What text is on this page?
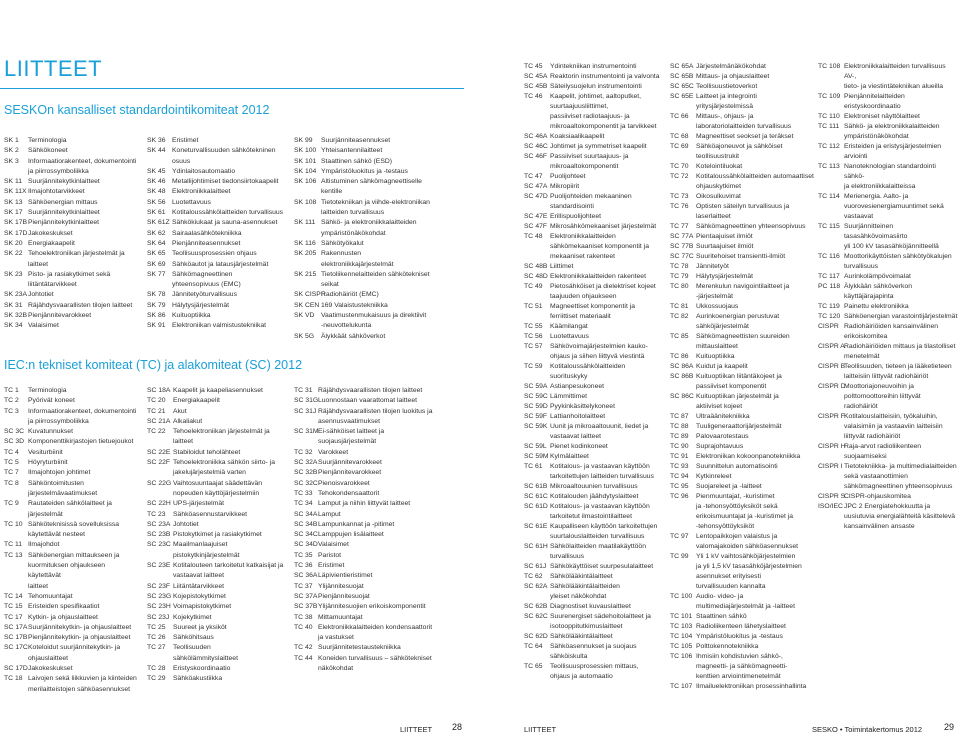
LIITTEET
SESKOn kansalliset standardointikomiteat 2012
IEC:n tekniset komiteat (TC) ja alakomiteat (SC) 2012
SK 1	Terminologia
SK 2	Sähkökoneet
SK 3	Informaatiorakenteet, dokumentointi
ja piirrossymboliikka
SK 11 Suurjännitekytkinlaitteet
SK 11X Ilmajohtotarvikkeet
SK 13 Sähköenergian mittaus
SK 17 Suurjännitekytkinlaitteet
SK 17B Pienjännitekytkinlaitteet
SK 17D Jakokeskukset
SK 20 Energiakaapelit
SK 22 Tehoelektroniikan järjestelmät ja
laitteet
SK 23 Pisto- ja rasiakytkimet sekä
liitäntätarvikkeet
SK 23A Johtotiet
SK 31 Räjähdysvaarallisten tilojen laitteet
SK 32B Pienjännitevarokkeet
SK 34 Valaisimet
SK 36 Eristimet
SK 44 Koneturvallisuuden sähkötekninen
osuus
SK 45 Ydinlaitosautomaatio
SK 46 Metallijohtimiset tiedonsiirtokaapelit
SK 48 Elektroniikkalaitteet
SK 56 Luotettavuus
SK 61 Kotitaloussähkölaitteiden turvallisuus
SK 61Z Sähkökiukaat ja sauna-asennukset
SK 62 Sairaalasähkötekniikka
SK 64 Pienjänniteasennukset
SK 65 Teollisuusprosessien ohjaus
SK 69 Sähköautot ja latausjärjestelmät
SK 77 Sähkömagneettinen
yhteensopivuus (EMC)
SK 78 Jännitetyöturvallisuus
SK 79 Hälytysjärjestelmät
SK 86 Kuituoptiikka
SK 91 Elektroniikan valmistustekniikat
SK 99	Suurjänniteasennukset
SK 100 Yhteisantennilaitteet
SK 101 Staattinen sähkö (ESD)
SK 104 Ympäristöluokitus ja -testaus
SK 106 Altistuminen sähkömagneettiselle
kentille
SK 108 Tietotekniikan ja viihde-elektroniikan
laitteiden turvallisuus
SK 111 Sähkö- ja elektroniikkalaitteiden
ympäristönäkökohdat
SK 116 Sähkötyökalut
SK 205 Rakennusten elektroniikkajärjestelmät
SK 215 Tietoliikennelaitteiden sähkötekniset
seikat
SK CISPR
Radiohäiriöt (EMC)
SK CEN 169 Valaistustekniikka
SK VD Vaatimustenmukaisuus ja direktiivit
-neuvottelukunta
SK 5G	Älykkäät sähköverkot
TC 1	Terminologia
TC 2	Pyörivät koneet
TC 3	Informaatiorakenteet, dokumentointi
ja piirrossymboliikka
SC 3C Kuvatunnukset
SC 3D Komponenttikirjastojen tietuejoukot
TC 4	Vesiturbiinit
TC 5	Höyryturbiinit
TC 7	Ilmajohtojen johtimet
TC 8	Sähköntoimitusten
järjestelmävaatimukset
TC 9	Rautateiden sähkölaitteet ja
järjestelmät
TC 10 Sähköteknisissä sovelluksissa
käytettävät nesteet
TC 11 Ilmajohdot
TC 13 Sähköenergian mittaukseen ja
kuormituksen ohjaukseen käytettävät
laitteet
TC 14 Tehomuuntajat
TC 15 Eristeiden spesifikaatiot
TC 17 Kytkin- ja ohjauslaitteet
SC 17A Suurjännitekytkin- ja ohjauslaitteet
SC 17B Pienjännitekytkin- ja ohjauslaitteet
SC 17C Koteloidut suurjännitekytkin- ja
ohjauslaitteet
SC 17D Jakokeskukset
TC 18 Laivojen sekä liikkuvien ja kiinteiden
merilaitteistojen sähköasennukset
SC 18A Kaapelit ja kaapeliasennukset
TC 20	Energiakaapelit
TC 21	Akut
SC 21A Alkaliakut
TC 22	Tehoelektroniikan järjestelmät ja
laitteet
SC 22E Stabiloidut teholähteet
SC 22F Tehoelektroniikka sähkön siirto- ja
jakelujärjestelmiä varten
SC 22G Vaihtosuuntaajat säädettävän
nopeuden käyttöjärjestelmiin
SC 22H UPS-järjestelmät
TC 23	Sähköasennustarvikkeet
SC 23A Johtotiet
SC 23B Pistokytkimet ja rasiakytkimet
SC 23C Maailmanlaajuiset
pistokytkinjärjestelmät
SC 23E Kotitalouteen tarkoitetut katkaisijat ja
vastaavat laitteet
SC 23F Liitäntätarvikkeet
SC 23G Kojepistokytkimet
SC 23H Voimapistokytkimet
SC 23J Kojekytkimet
TC 25	Suureet ja yksiköt
TC 26	Sähköhitsaus
TC 27	Teollisuuden
sähkölämmityslaitteet
TC 28	Eristyskoordinaatio
TC 29	Sähköakustiikka
TC 31 Räjähdysvaarallisten tilojen laitteet
SC 31G Luonnostaan vaarattomat laitteet
SC 31J Räjähdysvaarallisten tilojen luokitus ja
asennusvaatimukset
SC 31M Ei-sähköiset laitteet ja
suojausjärjestelmät
TC 32 Varokkeet
SC 32A Suurjännitevarokkeet
SC 32B Pienjännitevarokkeet
SC 32C Pienoisvarokkeet
TC 33 Tehokondensaattorit
TC 34 Lamput ja niihin liittyvät laitteet
SC 34A Lamput
SC 34B Lampunkannat ja -pitimet
SC 34C Lamppujen lisälaitteet
SC 34D Valaisimet
TC 35 Paristot
TC 36 Eristimet
SC 36A Läpivientieristimet
TC 37 Ylijännitesuojat
SC 37A Pienjännitesuojat
SC 37B Ylijännitesuojien erikoiskomponentit
TC 38 Mittamuuntajat
TC 40 Elektroniikkalaitteiden kondensaattorit
ja vastukset
TC 42 Suurjännitetestaustekniikka
TC 44 Koneiden turvallisuus – sähkötekniset
näkökohdat
TC 45	Ydintekniikan instrumentointi
SC 45A Reaktorin instrumentointi ja valvonta
SC 45B Säteilysuojelun instrumentointi
TC 46	Kaapelit, johtimet, aaltoputket,
suurtaajuusliittimet,
passiiviset radiotaajuus- ja
mikroaaltokomponentit ja tarvikkeet
SC 46A Koaksiaalikaapelit
SC 46C Johtimet ja symmetriset kaapelit
SC 46F Passiiviset suurtaajuus- ja
mikroaaltokomponentit
TC 47	Puolijohteet
SC 47A Mikropiirit
SC 47D Puolijohteiden mekaaninen
standardisointi
SC 47E Erillispuolijohteet
SC 47F Mikrosähkömekaaniset järjestelmät
TC 48	Elektroniikkalaitteiden
sähkömekaaniset komponentit ja
mekaaniset rakenteet
SC 48B Liittimet
SC 48D Elektroniikkalaitteiden rakenteet
TC 49	Pietosähköiset ja dielektriset kojeet
taajuuden ohjaukseen
TC 51	Magneettiset komponentit ja
ferriittiset materiaalit
TC 55	Käämilangat
TC 56	Luotettavuus
TC 57	Sähkövoimajärjestelmien kauko-
ohjaus ja siihen liittyvä viestintä
TC 59	Kotitaloussähkölaitteiden suorituskyky
SC 59A Astianpesukoneet
SC 59C Lämmittimet
SC 59D Pyykinkäsittelykoneet
SC 59F Lattianhoitolaitteet
SC 59K Uunit ja mikroaaltouunit, liedet ja
vastaavat laitteet
SC 59L Pienet kodinkoneet
SC 59M Kylmälaitteet
TC 61	Kotitalous- ja vastaavan käyttöön
tarkoitettujen laitteiden turvallisuus
SC 61B Mikroaaltouunien turvallisuus
SC 61C Kotitalouden jäähdytyslaitteet
SC 61D Kotitalous- ja vastaavan käyttöön
tarkoitetut ilmastointilaitteet
SC 61E Kaupalliseen käyttöön tarkoitettujen
suurtalouslaitteiden turvallisuus
SC 61H Sähkölaitteiden maatilakäyttöön
turvallisuus
SC 61J Sähkökäyttöiset suurpesulalaitteet
TC 62	Sähkölääkintälaitteet
SC 62A Sähkölääkintälaitteiden
yleiset näkökohdat
SC 62B Diagnostiset kuvauslaitteet
SC 62C Suurenergiset sädehoitolaitteet ja
isotooppitutkimuslaitteet
SC 62D Sähkölääkintälaitteet
TC 64	Sähköasennukset ja suojaus
sähköiskulta
TC 65	Teollisuusprosessien mittaus,
ohjaus ja automaatio
SC 65A Järjestelmänäkökohdat
SC 65B Mittaus- ja ohjauslaitteet
SC 65C Teollisuustietoverkot
SC 65E Laitteet ja integrointi
yritysjärjestelmissä
TC 66	Mittaus-, ohjaus- ja
laboratoriolaitteiden turvallisuus
TC 68	Magneettiset seokset ja teräkset
TC 69	Sähköajoneuvot ja sähköiset
teollisuustrukit
TC 70	Kotelointiluokat
TC 72	Kotitaloussähkölaitteiden automaattiset
ohjauskytkimet
TC 73	Oikosulkuvirrat
TC 76	Optisten säteilyn turvallisuus ja
laserlaitteet
TC 77	Sähkömagneettinen yhteensopivuus
SC 77A Pientaajuiset ilmiöt
SC 77B Suurtaajuiset ilmiöt
SC 77C Suuritehoiset transientti-ilmiöt
TC 78	Jännitetyöt
TC 79	Hälytysjärjestelmät
TC 80	Merenkulun navigointilaitteet ja
-järjestelmät
TC 81	Ukkossuojaus
TC 82	Aurinkoenergian perustuvat
sähköjärjestelmät
TC 85	Sähkömagneettisten suureiden
mittauslaitteet
TC 86	Kuituoptiikka
SC 86A Kuidut ja kaapelit
SC 86B Kuituoptiikan liitäntäkojeet ja
passiiviset komponentit
SC 86C Kuituoptiikan järjestelmät ja
aktiiviset kojeet
TC 87	Ultraäänitekniikka
TC 88	Tuuligeneraattorijärjestelmät
TC 89	Palovaarotestaus
TC 90	Suprajohtavuus
TC 91	Elektroniikan kokoonpanotekniikka
TC 93	Suunnittelun automatisointi
TC 94	Kytkinreleet
TC 95	Suojareleet ja -laitteet
TC 96	Pienmuuntajat, -kuristimet
ja -tehonsyöttöyksiköt sekä
erikoismuuntajat ja -kuristimet ja
-tehonsyöttöyksiköt
TC 97	Lentopaikkojen valaistus ja
valomajakoiden sähköasennukset
TC 99	Yli 1 kV vaihtosähköjärjestelmien
ja yli 1,5 kV tasasähköjärjestelmien
asennukset erityisesti
turvallisuuden kannalta
TC 100 Audio- video- ja
multimediajärjestelmät ja -laitteet
TC 101 Staattinen sähkö
TC 103 Radioliikenteen lähetyslaitteet
TC 104 Ympäristöluokitus ja -testaus
TC 105 Polttokennotekniikka
TC 106 Ihmisiin kohdistuvien sähkö-,
magneetti- ja sähkömagneetti-
kenttien arviointimenetelmät
TC 107 Ilmailuelektroniikan prosessinhallinta
TC 108 Elektroniikkalaitteiden turvallisuus AV-,
tieto- ja viestintätekniikan alueilla
TC 109 Pienjännitelaitteiden
eristyskoordinaatio
TC 110 Elektroniset näyttölaitteet
TC 111 Sähkö- ja elektroniikkalaitteiden
ympäristönäkökohdat
TC 112 Eristeiden ja eristysjärjestelmien
arviointi
TC 113 Nanoteknologian standardointi sähkö-
ja elektroniikkalaitteissa
TC 114 Merienergia. Aalto- ja
vuorovesienergiamuuntimet sekä
vastaavat
TC 115 Suurjännitteinen tasasähkövoimasiirto
yli 100 kV tasasähköjännitteellä
TC 116 Moottorikäyttöisten sähkötyökalujen
turvallisuus
TC 117 Aurinkolämpövoimalat
PC 118 Älykkään sähköverkon
käyttäjärajapinta
TC 119 Painettu elektroniikka
TC 120 Sähköenergian varastointijärjestelmät
CISPR Radiohäiriöiden kansainvälinen
erikoiskomitea
CISPR A Radiohäiriöiden mittaus ja tilastolliset
menetelmät
CISPR B
Teollisuuden, tieteen ja lääketieteen
laitteisiin liittyvät radiohäiriöt
CISPR D
Moottoriajoneuvoihin ja
polttomoottoreihin liittyvät
radiohäiriöt
CISPR F Kotitalouslaitteisiin, työkaluihin,
valaisimiin ja vastaaviin laitteisiin
liittyvät radiohäiriöt
CISPR H
Raja-arvot radioliikenteen
suojaamiseksi
CISPR I Tietotekniikka- ja multimedialaitteiden
sekä vastaanottimien
sähkömagneettinen yhteensopivuus
CISPR S
CISPR-ohjauskomitea
ISO/IEC JPC 2 Energiatehokkuutta ja
uusiutuvia energialähteitä käsittelevä
kansainvälinen ansaste
LIITTEET	LIITTEET	SESKO • Toimintakertomus 2012
28	29
